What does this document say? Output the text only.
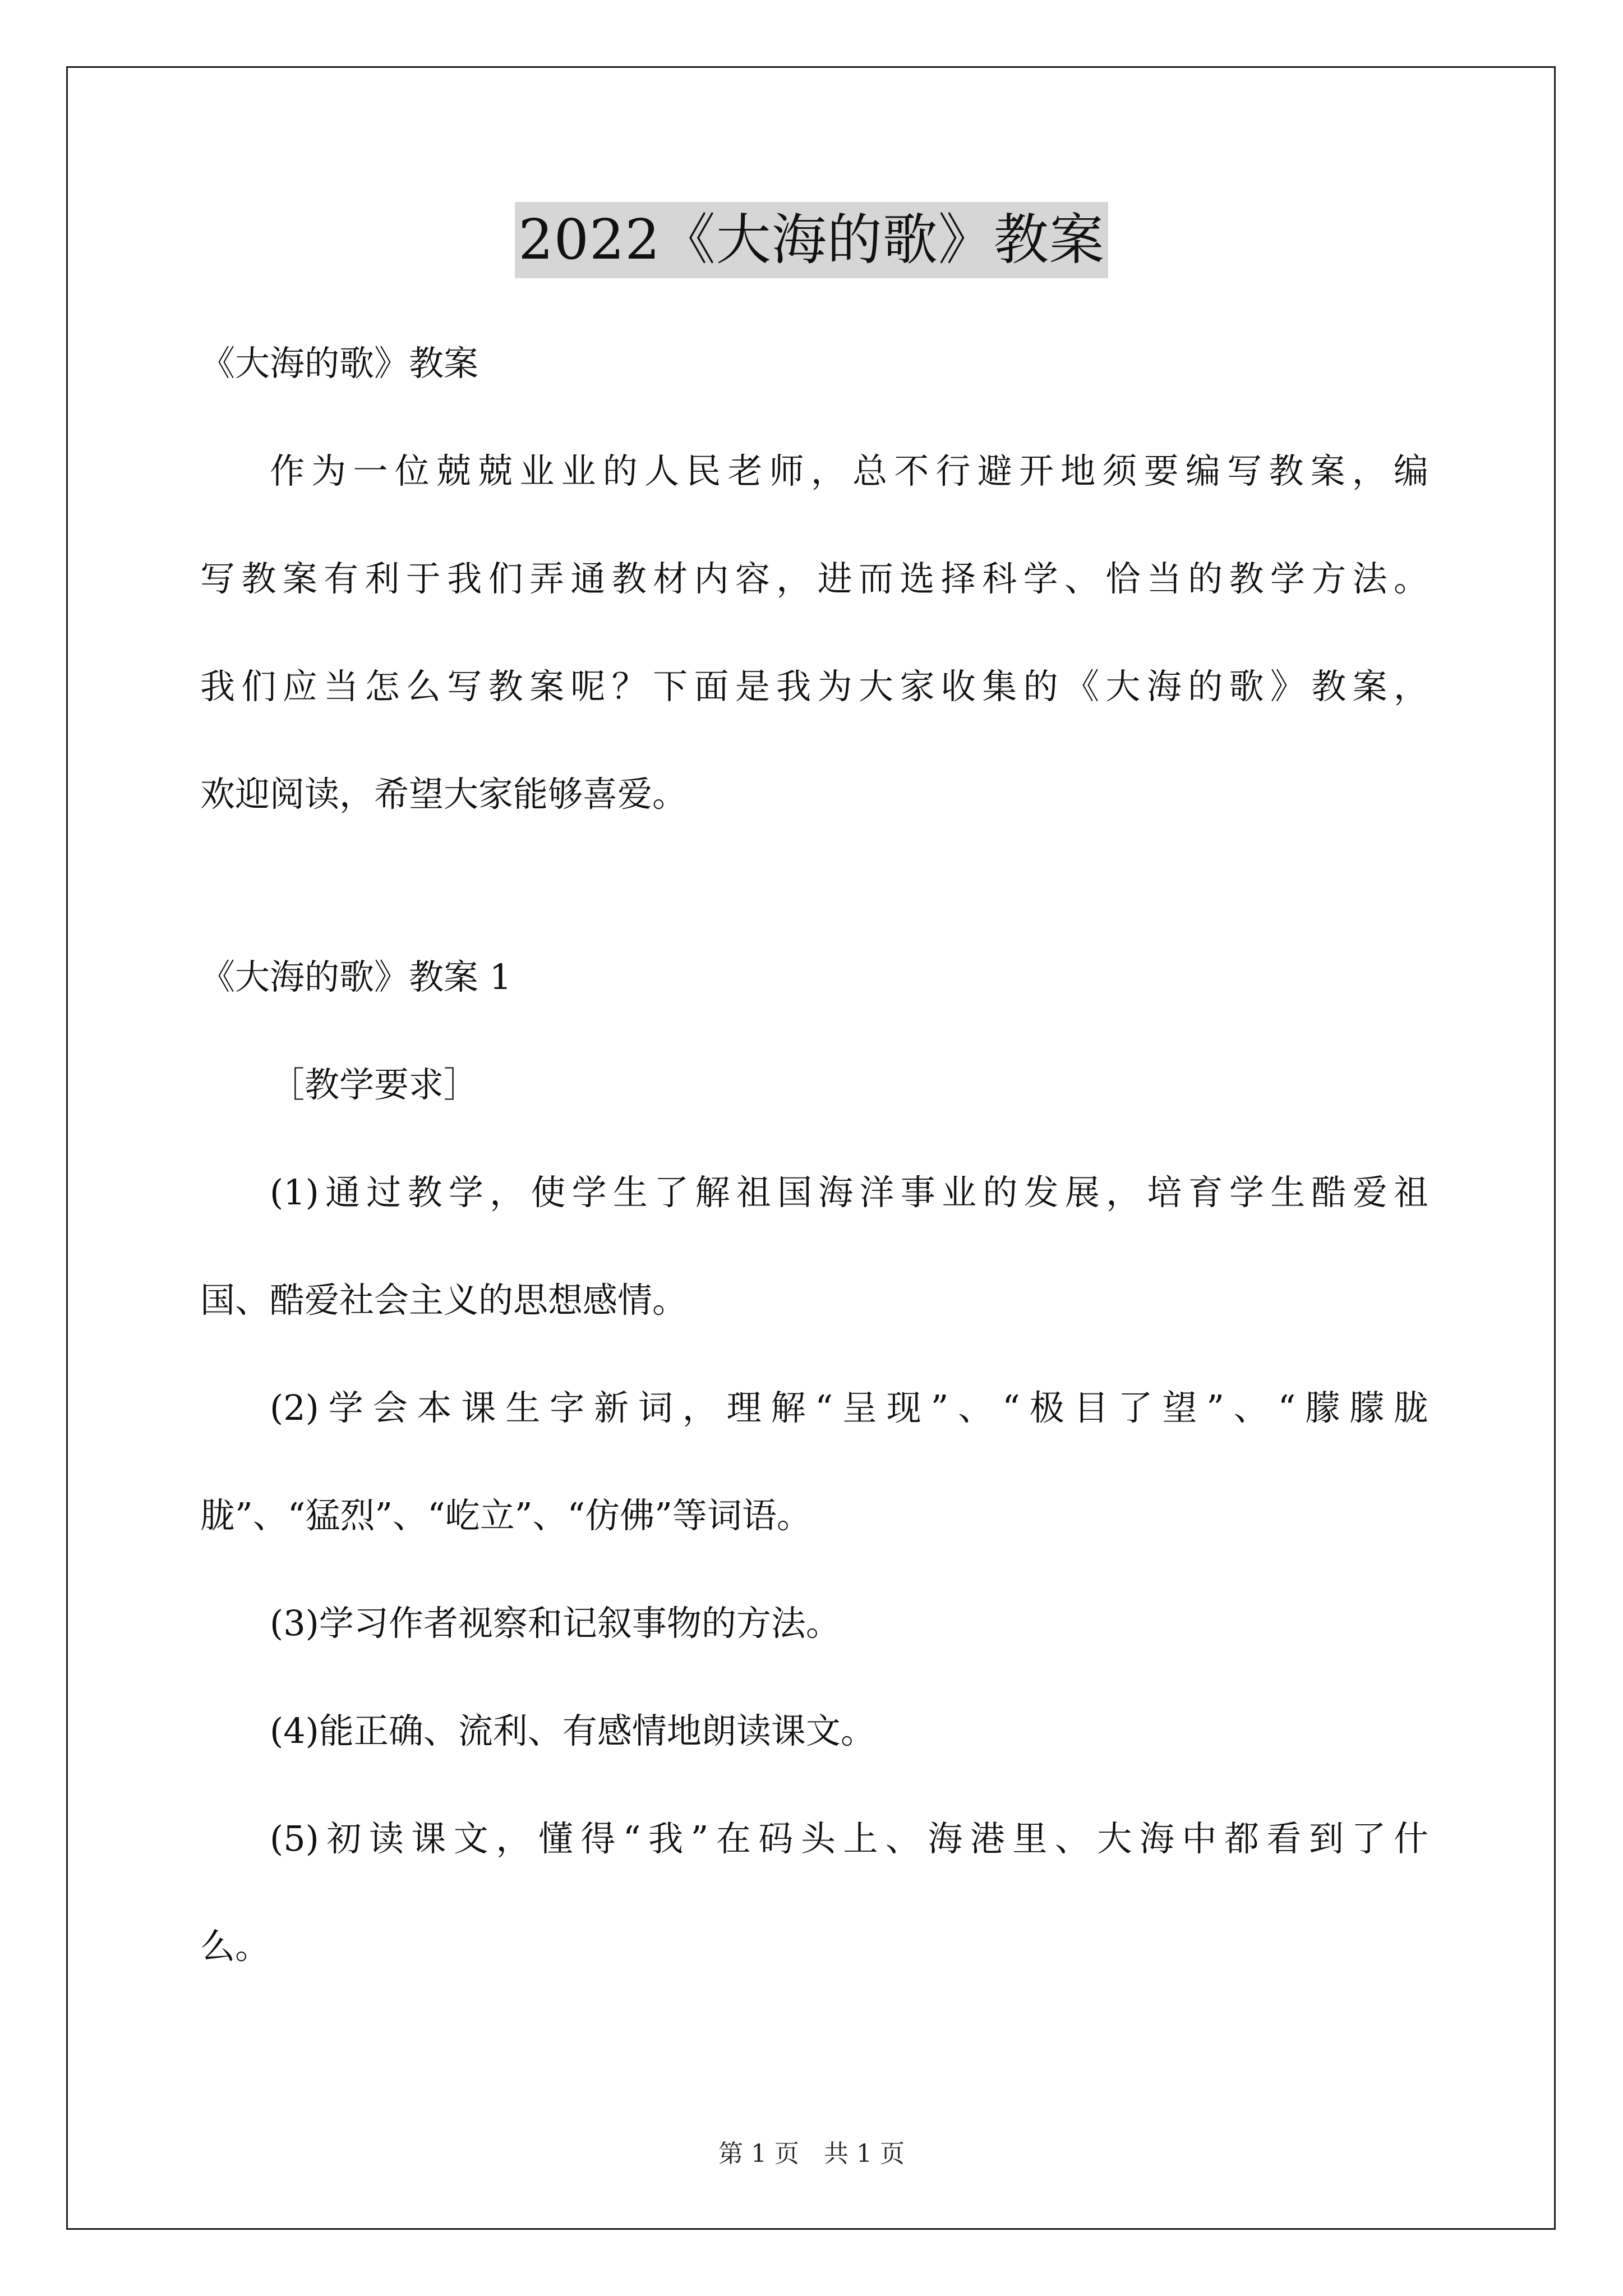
2022《大海的歌》教案
《大海的歌》教案
作为一位兢兢业业的人民老师，总不行避开地须要编写教案，编
写教案有利于我们弄通教材内容，进而选择科学、恰当的教学方法。
我们应当怎么写教案呢？下面是我为大家收集的《大海的歌》教案，
欢迎阅读，希望大家能够喜爱。
《大海的歌》教案 1
［教学要求］
(1)通过教学，使学生了解祖国海洋事业的发展，培育学生酷爱祖
国、酷爱社会主义的思想感情。
(2)学会本课生字新词，理解“呈现”、“极目了望”、“朦朦胧
胧”、“猛烈”、“屹立”、“仿佛”等词语。
(3)学习作者视察和记叙事物的方法。
(4)能正确、流利、有感情地朗读课文。
(5)初读课文，懂得“我”在码头上、海港里、大海中都看到了什
么。
第 1 页　共 1 页
